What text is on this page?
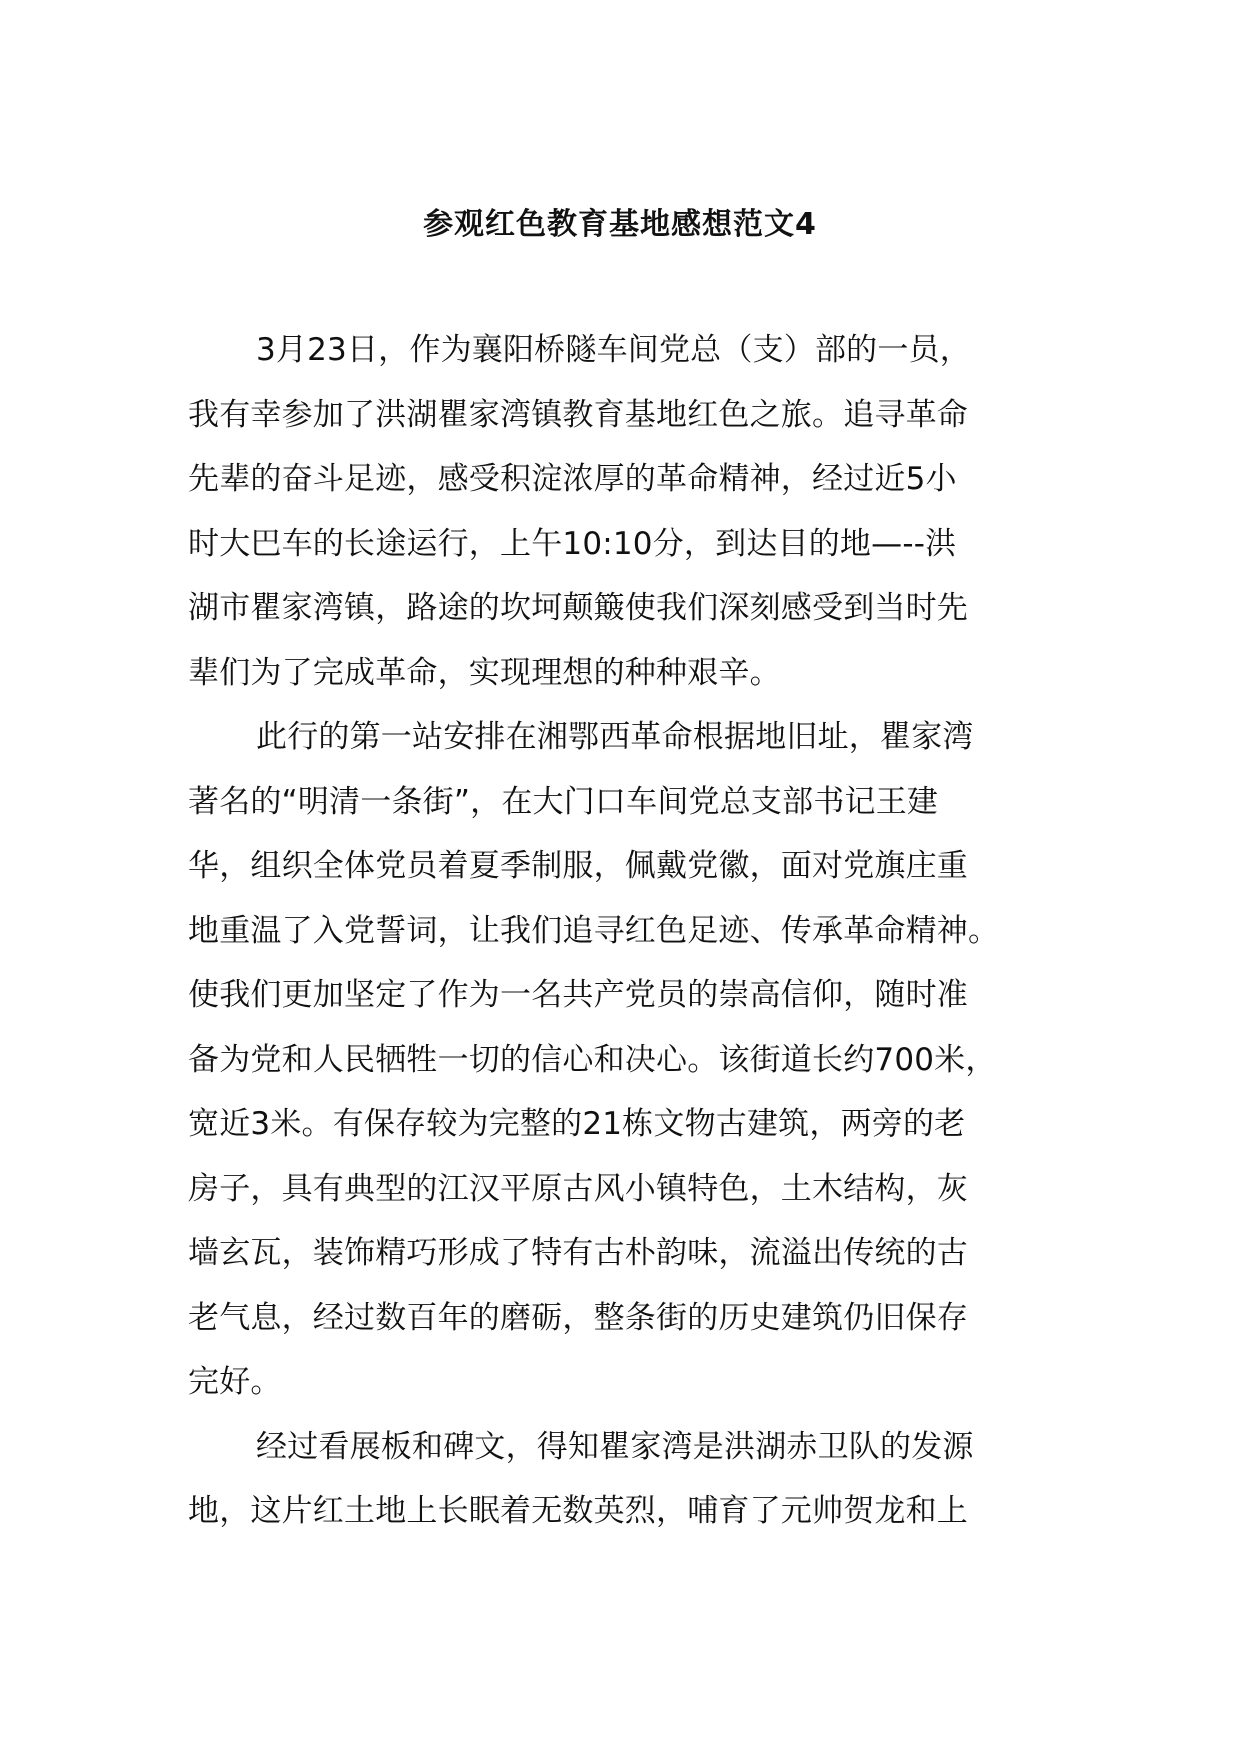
参观红色教育基地感想范文4
3月23日，作为襄阳桥隧车间党总（支）部的一员，
我有幸参加了洪湖瞿家湾镇教育基地红色之旅。追寻革命
先辈的奋斗足迹，感受积淀浓厚的革命精神，经过近5小
时大巴车的长途运行，上午10:10分，到达目的地—--洪
湖市瞿家湾镇，路途的坎坷颠簸使我们深刻感受到当时先
辈们为了完成革命，实现理想的种种艰辛。
此行的第一站安排在湘鄂西革命根据地旧址，瞿家湾
著名的“明清一条街”，在大门口车间党总支部书记王建
华，组织全体党员着夏季制服，佩戴党徽，面对党旗庄重
地重温了入党誓词，让我们追寻红色足迹、传承革命精神。
使我们更加坚定了作为一名共产党员的崇高信仰，随时准
备为党和人民牺牲一切的信心和决心。该街道长约700米，
宽近3米。有保存较为完整的21栋文物古建筑，两旁的老
房子，具有典型的江汉平原古风小镇特色，土木结构，灰
墙玄瓦，装饰精巧形成了特有古朴韵味，流溢出传统的古
老气息，经过数百年的磨砺，整条街的历史建筑仍旧保存
完好。
经过看展板和碑文，得知瞿家湾是洪湖赤卫队的发源
地，这片红土地上长眠着无数英烈，哺育了元帅贺龙和上
